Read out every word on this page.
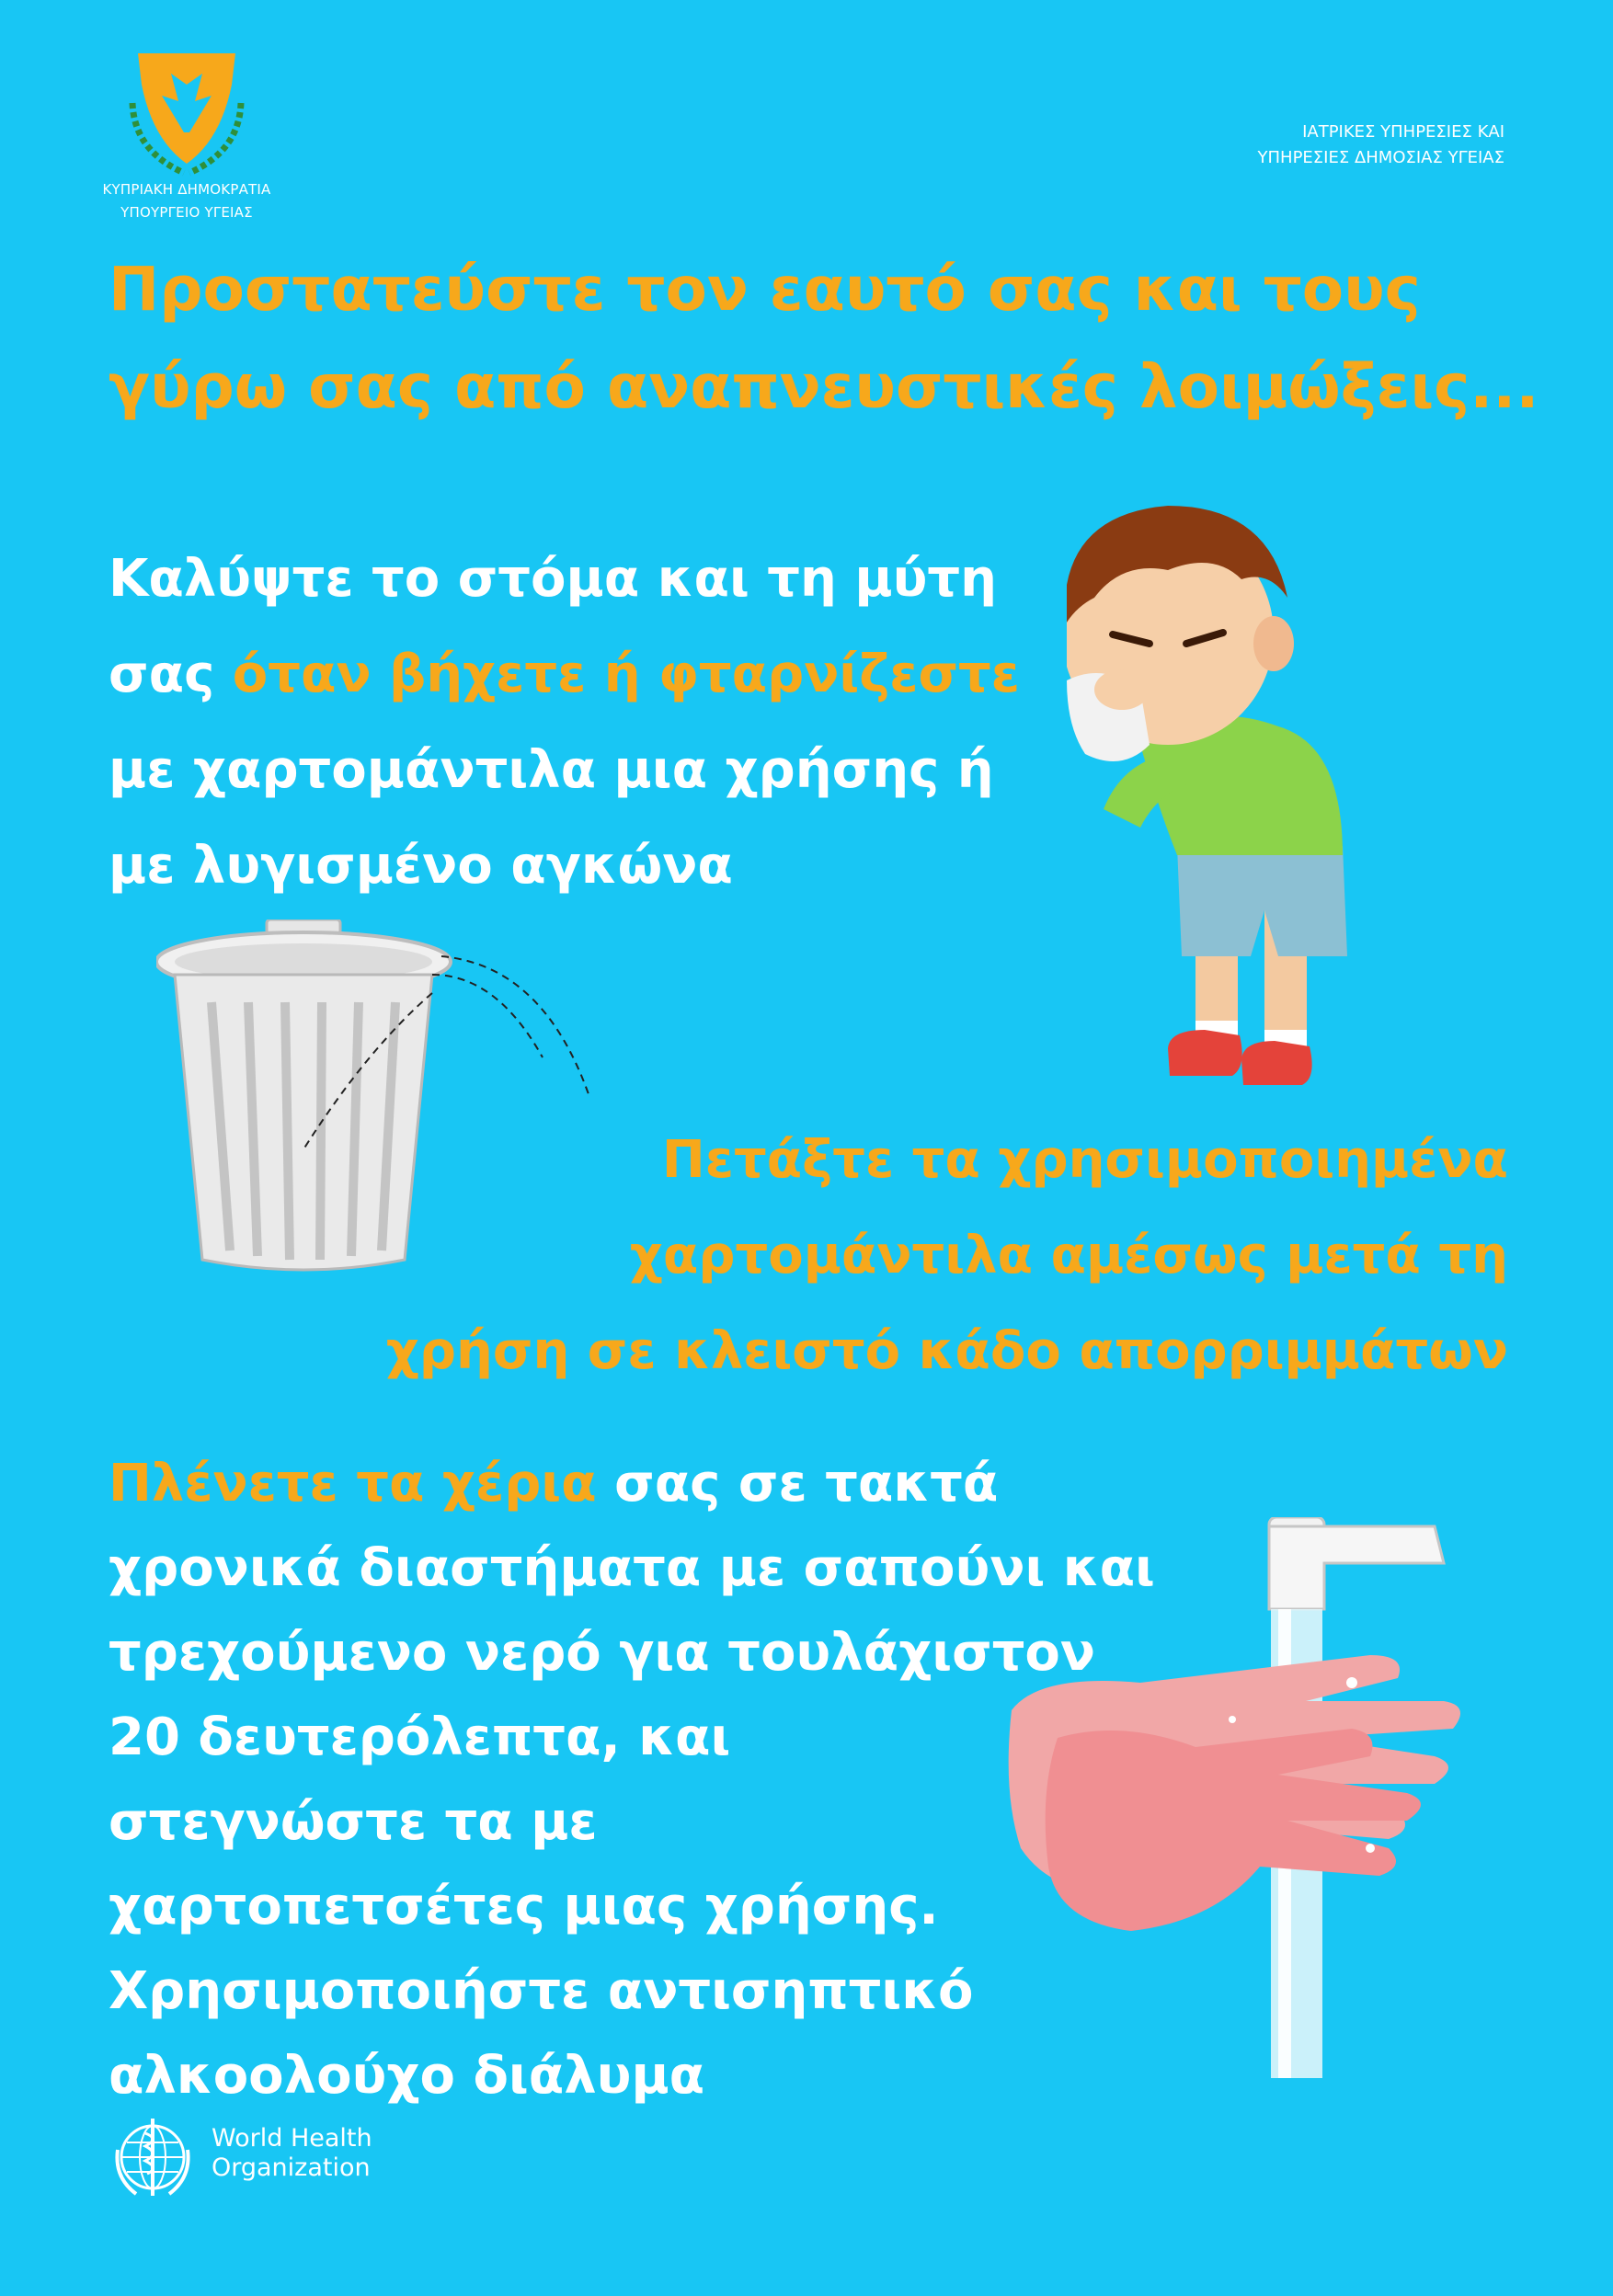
ΚΥΠΡΙΑΚΗ ΔΗΜΟΚΡΑΤΙΑ
ΥΠΟΥΡΓΕΙΟ ΥΓΕΙΑΣ
ΙΑΤΡΙΚΕΣ ΥΠΗΡΕΣΙΕΣ ΚΑΙ
ΥΠΗΡΕΣΙΕΣ ΔΗΜΟΣΙΑΣ ΥΓΕΙΑΣ
Προστατεύστε τον εαυτό σας και τους
γύρω σας από αναπνευστικές λοιμώξεις...
Καλύψτε το στόμα και τη μύτη
σας όταν βήχετε ή φταρνίζεστε
με χαρτομάντιλα μια χρήσης ή
με λυγισμένο αγκώνα
Πετάξτε τα χρησιμοποιημένα
χαρτομάντιλα αμέσως μετά τη
χρήση σε κλειστό κάδο απορριμμάτων
Πλένετε τα χέρια σας σε τακτά
χρονικά διαστήματα με σαπούνι και
τρεχούμενο νερό για τουλάχιστον
20 δευτερόλεπτα, και
στεγνώστε τα με
χαρτοπετσέτες μιας χρήσης.
Χρησιμοποιήστε αντισηπτικό
αλκοολούχο διάλυμα
World Health
Organization
